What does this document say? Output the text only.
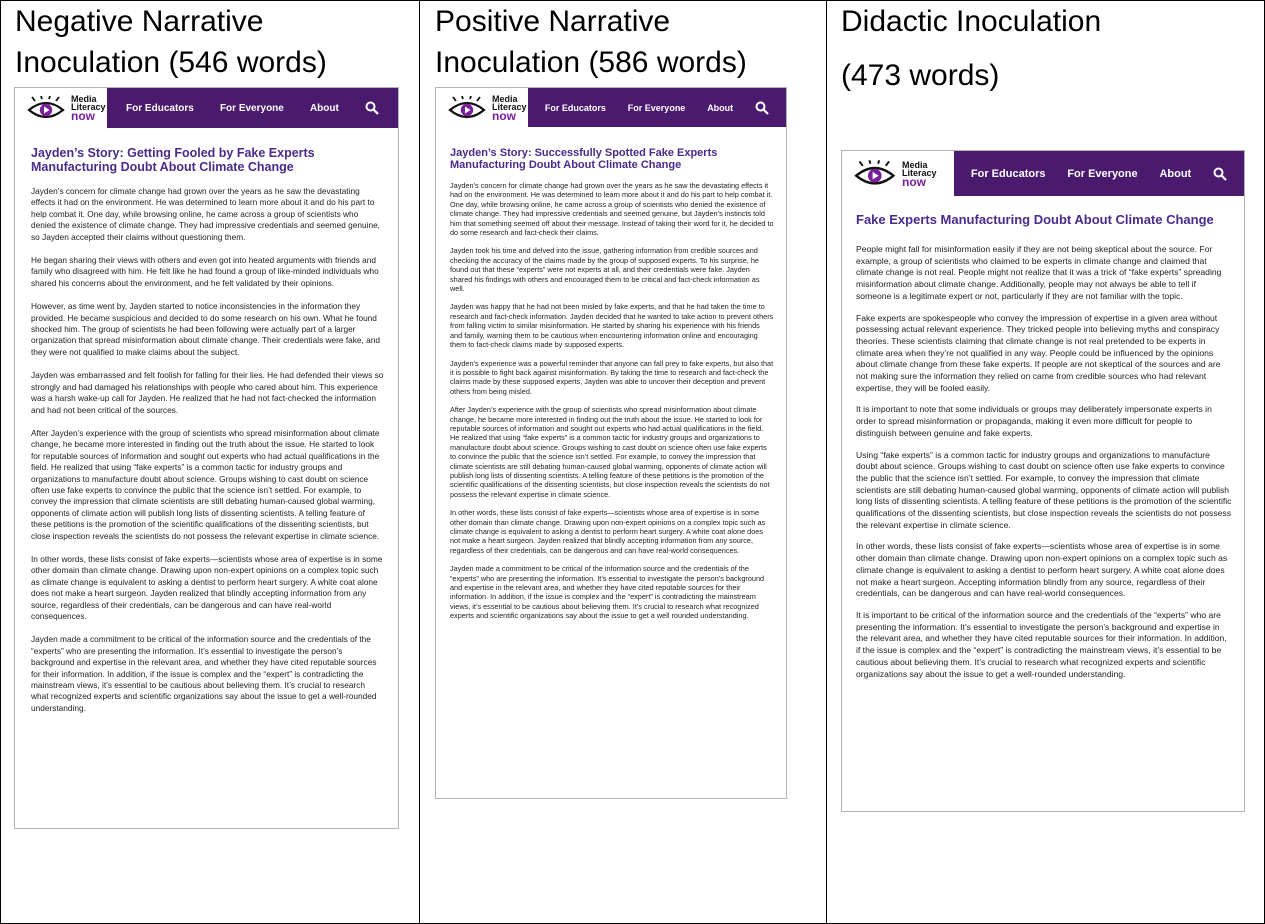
Negative Narrative
Inoculation (546 words)
Media
Literacy
now
For Educators	For Everyone	About
Jayden’s Story: Getting Fooled by Fake Experts Manufacturing Doubt About Climate Change

Jayden’s concern for climate change had grown over the years as he saw the devastating effects it had on the environment. He was determined to learn more about it and do his part to help combat it. One day, while browsing online, he came across a group of scientists who denied the existence of climate change. They had impressive credentials and seemed genuine, so Jayden accepted their claims without questioning them.

He began sharing their views with others and even got into heated arguments with friends and family who disagreed with him. He felt like he had found a group of like-minded individuals who shared his concerns about the environment, and he felt validated by their opinions.

However, as time went by, Jayden started to notice inconsistencies in the information they provided. He became suspicious and decided to do some research on his own. What he found shocked him. The group of scientists he had been following were actually part of a larger organization that spread misinformation about climate change. Their credentials were fake, and they were not qualified to make claims about the subject.

Jayden was embarrassed and felt foolish for falling for their lies. He had defended their views so strongly and had damaged his relationships with people who cared about him. This experience was a harsh wake-up call for Jayden. He realized that he had not fact-checked the information and had not been critical of the sources.

After Jayden’s experience with the group of scientists who spread misinformation about climate change, he became more interested in finding out the truth about the issue. He started to look for reputable sources of information and sought out experts who had actual qualifications in the field. He realized that using “fake experts” is a common tactic for industry groups and organizations to manufacture doubt about science. Groups wishing to cast doubt on science often use fake experts to convince the public that the science isn’t settled. For example, to convey the impression that climate scientists are still debating human-caused global warming, opponents of climate action will publish long lists of dissenting scientists. A telling feature of these petitions is the promotion of the scientific qualifications of the dissenting scientists, but close inspection reveals the scientists do not possess the relevant expertise in climate science.

In other words, these lists consist of fake experts—scientists whose area of expertise is in some other domain than climate change. Drawing upon non-expert opinions on a complex topic such as climate change is equivalent to asking a dentist to perform heart surgery. A white coat alone does not make a heart surgeon. Jayden realized that blindly accepting information from any source, regardless of their credentials, can be dangerous and can have real-world consequences.

Jayden made a commitment to be critical of the information source and the credentials of the “experts” who are presenting the information. It’s essential to investigate the person’s background and expertise in the relevant area, and whether they have cited reputable sources for their information. In addition, if the issue is complex and the “expert” is contradicting the mainstream views, it’s essential to be cautious about believing them. It’s crucial to research what recognized experts and scientific organizations say about the issue to get a well-rounded understanding.

Positive Narrative
Inoculation (586 words)
Media
Literacy
now
For Educators For Everyone About
Jayden’s Story: Successfully Spotted Fake Experts Manufacturing Doubt About Climate Change

Jayden’s concern for climate change had grown over the years as he saw the devastating effects it had on the environment. He was determined to learn more about it and do his part to help combat it. One day, while browsing online, he came across a group of scientists who denied the existence of climate change. They had impressive credentials and seemed genuine, but Jayden’s instincts told him that something seemed off about their message. Instead of taking their word for it, he decided to do some research and fact-check their claims.

Jayden took his time and delved into the issue, gathering information from credible sources and checking the accuracy of the claims made by the group of supposed experts. To his surprise, he found out that these “experts” were not experts at all, and their credentials were fake. Jayden shared his findings with others and encouraged them to be critical and fact-check information as well.

Jayden was happy that he had not been misled by fake experts, and that he had taken the time to research and fact-check information. Jayden decided that he wanted to take action to prevent others from falling victim to similar misinformation. He started by sharing his experience with his friends and family, warning them to be cautious when encountering information online and encouraging them to fact-check claims made by supposed experts.

Jayden’s experience was a powerful reminder that anyone can fall prey to fake experts, but also that it is possible to fight back against misinformation. By taking the time to research and fact-check the claims made by these supposed experts, Jayden was able to uncover their deception and prevent others from being misled.

After Jayden’s experience with the group of scientists who spread misinformation about climate change, he became more interested in finding out the truth about the issue. He started to look for reputable sources of information and sought out experts who had actual qualifications in the field. He realized that using “fake experts” is a common tactic for industry groups and organizations to manufacture doubt about science. Groups wishing to cast doubt on science often use fake experts to convince the public that the science isn’t settled. For example, to convey the impression that climate scientists are still debating human-caused global warming, opponents of climate action will publish long lists of dissenting scientists. A telling feature of these petitions is the promotion of the scientific qualifications of the dissenting scientists, but close inspection reveals the scientists do not possess the relevant expertise in climate science.

In other words, these lists consist of fake experts—scientists whose area of expertise is in some other domain than climate change. Drawing upon non-expert opinions on a complex topic such as climate change is equivalent to asking a dentist to perform heart surgery. A white coat alone does not make a heart surgeon. Jayden realized that blindly accepting information from any source, regardless of their credentials, can be dangerous and can have real-world consequences.

Jayden made a commitment to be critical of the information source and the credentials of the “experts” who are presenting the information. It’s essential to investigate the person’s background and expertise in the relevant area, and whether they have cited reputable sources for their information. In addition, if the issue is complex and the “expert” is contradicting the mainstream views, it’s essential to be cautious about believing them. It’s crucial to research what recognized experts and scientific organizations say about the issue to get a well rounded understanding.

Didactic Inoculation
(473 words)
Media
Literacy
now
For Educators For Everyone About
Fake Experts Manufacturing Doubt About Climate Change

People might fall for misinformation easily if they are not being skeptical about the source. For example, a group of scientists who claimed to be experts in climate change and claimed that climate change is not real. People might not realize that it was a trick of “fake experts” spreading misinformation about climate change. Additionally, people may not always be able to tell if someone is a legitimate expert or not, particularly if they are not familiar with the topic.

Fake experts are spokespeople who convey the impression of expertise in a given area without possessing actual relevant experience. They tricked people into believing myths and conspiracy theories. These scientists claiming that climate change is not real pretended to be experts in climate area when they’re not qualified in any way. People could be influenced by the opinions about climate change from these fake experts. If people are not skeptical of the sources and are not making sure the information they relied on came from credible sources who had relevant expertise, they will be fooled easily.

It is important to note that some individuals or groups may deliberately impersonate experts in order to spread misinformation or propaganda, making it even more difficult for people to distinguish between genuine and fake experts.

Using “fake experts” is a common tactic for industry groups and organizations to manufacture doubt about science. Groups wishing to cast doubt on science often use fake experts to convince the public that the science isn’t settled. For example, to convey the impression that climate scientists are still debating human-caused global warming, opponents of climate action will publish long lists of dissenting scientists. A telling feature of these petitions is the promotion of the scientific qualifications of the dissenting scientists, but close inspection reveals the scientists do not possess the relevant expertise in climate science.

In other words, these lists consist of fake experts—scientists whose area of expertise is in some other domain than climate change. Drawing upon non-expert opinions on a complex topic such as climate change is equivalent to asking a dentist to perform heart surgery. A white coat alone does not make a heart surgeon. Accepting information blindly from any source, regardless of their credentials, can be dangerous and can have real-world consequences.

It is important to be critical of the information source and the credentials of the “experts” who are presenting the information. It’s essential to investigate the person’s background and expertise in the relevant area, and whether they have cited reputable sources for their information. In addition, if the issue is complex and the “expert” is contradicting the mainstream views, it’s essential to be cautious about believing them. It’s crucial to research what recognized experts and scientific organizations say about the issue to get a well-rounded understanding.
